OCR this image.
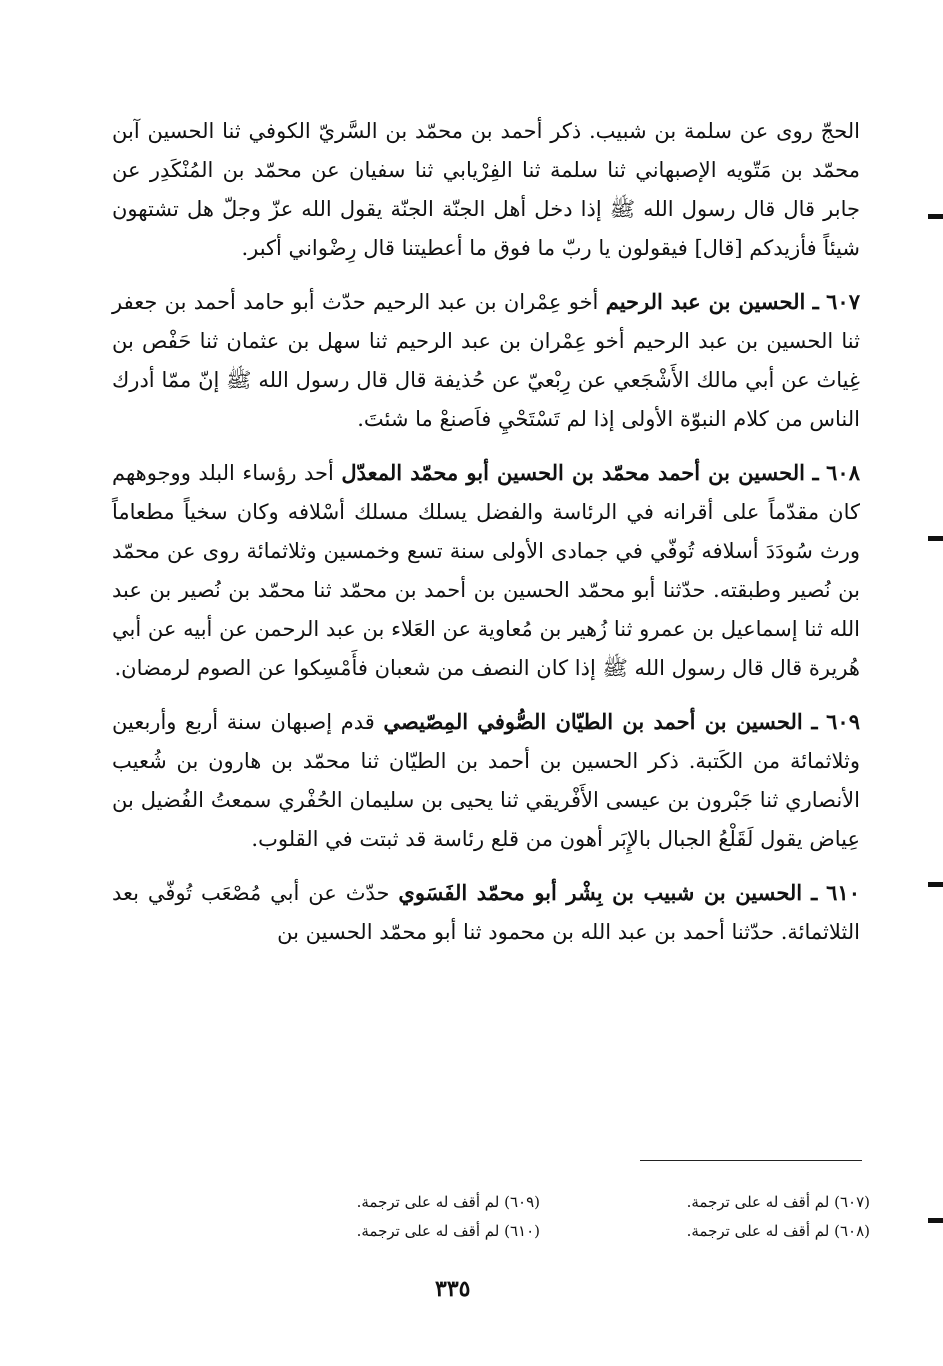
الحجّ روى عن سلمة بن شبيب. ذكر أحمد بن محمّد بن السَّريّ الكوفي ثنا الحسين آبن محمّد بن مَتّويه الإصبهاني ثنا سلمة ثنا الفِرْيابي ثنا سفيان عن محمّد بن المُنْكَدِر عن جابر قال قال رسول الله ﷺ إذا دخل أهل الجنّة الجنّة يقول الله عزّ وجلّ هل تشتهون شيئاً فأزيدكم [قال] فيقولون يا ربّ ما فوق ما أعطيتنا قال رِضْواني أكبر.

٦٠٧ ـ الحسين بن عبد الرحيم أخو عِمْران بن عبد الرحيم حدّث أبو حامد أحمد بن جعفر ثنا الحسين بن عبد الرحيم أخو عِمْران بن عبد الرحيم ثنا سهل بن عثمان ثنا حَفْص بن غِياث عن أبي مالك الأَشْجَعي عن رِبْعيّ عن حُذيفة قال قال رسول الله ﷺ إنّ ممّا أدرك الناس من كلام النبوّة الأولى إذا لم تَسْتَحْيِ فاَصنعْ ما شئتَ.

٦٠٨ ـ الحسين بن أحمد محمّد بن الحسين أبو محمّد المعدّل أحد رؤساء البلد ووجوههم كان مقدّماً على أقرانه في الرئاسة والفضل يسلك مسلك أسْلافه وكان سخياً مطعاماً ورث سُودَدَ أسلافه تُوفّي في جمادى الأولى سنة تسع وخمسين وثلاثمائة روى عن محمّد بن نُصير وطبقته. حدّثنا أبو محمّد الحسين بن أحمد بن محمّد ثنا محمّد بن نُصير بن عبد الله ثنا إسماعيل بن عمرو ثنا زُهير بن مُعاوية عن العَلاء بن عبد الرحمن عن أبيه عن أبي هُريرة قال قال رسول الله ﷺ إذا كان النصف من شعبان فأَمْسِكوا عن الصوم لرمضان.

٦٠٩ ـ الحسين بن أحمد بن الطيّان الصُّوفي المِصّيصي قدم إصبهان سنة أربع وأربعين وثلاثمائة من الكَتبة. ذكر الحسين بن أحمد بن الطيّان ثنا محمّد بن هارون بن شُعيب الأنصاري ثنا جَبْرون بن عيسى الأَفْريقي ثنا يحيى بن سليمان الحُفْري سمعتُ الفُضيل بن عِياض يقول لَقَلْعُ الجبال بالإِبَر أهون من قلع رئاسة قد ثبتت في القلوب.

٦١٠ ـ الحسين بن شبيب بن بِشْر أبو محمّد الفَسَوي حدّث عن أبي مُصْعَب تُوفّي بعد الثلاثمائة. حدّثنا أحمد بن عبد الله بن محمود ثنا أبو محمّد الحسين بن

(٦٠٧) لم أقف له على ترجمة.
(٦٠٨) لم أقف له على ترجمة.
(٦٠٩) لم أقف له على ترجمة.
(٦١٠) لم أقف له على ترجمة.
٣٣٥
